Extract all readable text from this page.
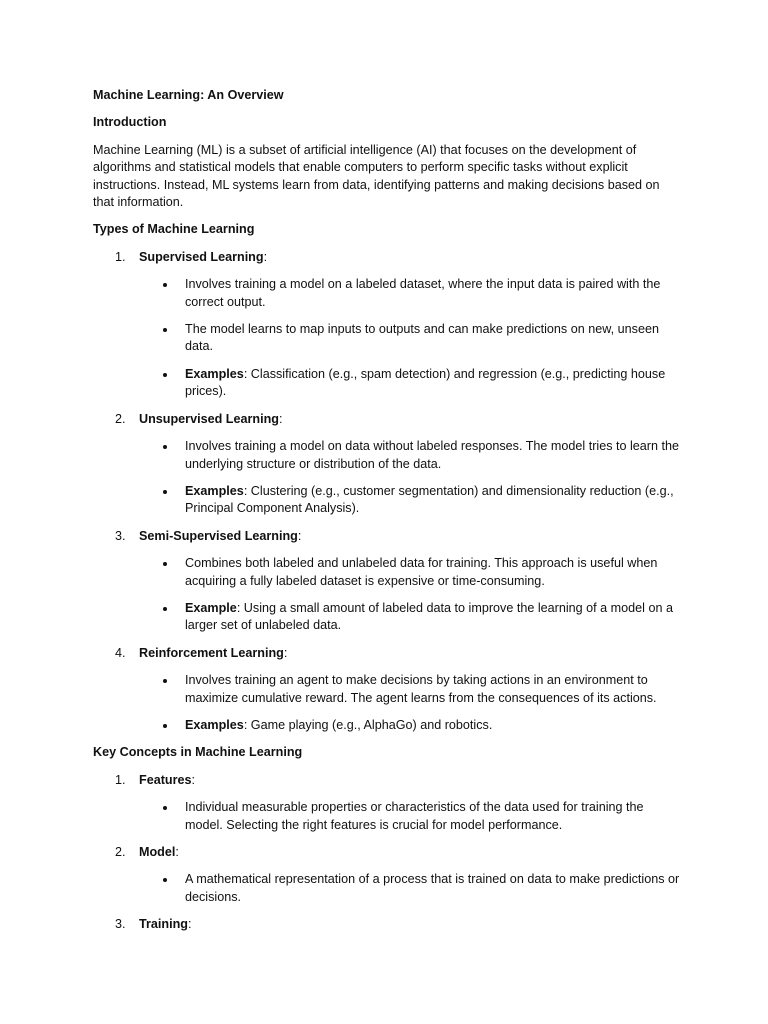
Machine Learning: An Overview

Introduction

Machine Learning (ML) is a subset of artificial intelligence (AI) that focuses on the development of algorithms and statistical models that enable computers to perform specific tasks without explicit instructions. Instead, ML systems learn from data, identifying patterns and making decisions based on that information.

Types of Machine Learning

1.	Supervised Learning:
Involves training a model on a labeled dataset, where the input data is paired with the correct output.
The model learns to map inputs to outputs and can make predictions on new, unseen data.
Examples: Classification (e.g., spam detection) and regression (e.g., predicting house prices).
2.	Unsupervised Learning:
Involves training a model on data without labeled responses. The model tries to learn the underlying structure or distribution of the data.
Examples: Clustering (e.g., customer segmentation) and dimensionality reduction (e.g., Principal Component Analysis).
3.	Semi-Supervised Learning:
Combines both labeled and unlabeled data for training. This approach is useful when acquiring a fully labeled dataset is expensive or time-consuming.
Example: Using a small amount of labeled data to improve the learning of a model on a larger set of unlabeled data.
4.	Reinforcement Learning:
Involves training an agent to make decisions by taking actions in an environment to maximize cumulative reward. The agent learns from the consequences of its actions.
Examples: Game playing (e.g., AlphaGo) and robotics.

Key Concepts in Machine Learning

1.	Features:
Individual measurable properties or characteristics of the data used for training the model. Selecting the right features is crucial for model performance.
2.	Model:
A mathematical representation of a process that is trained on data to make predictions or decisions.
3.	Training:
